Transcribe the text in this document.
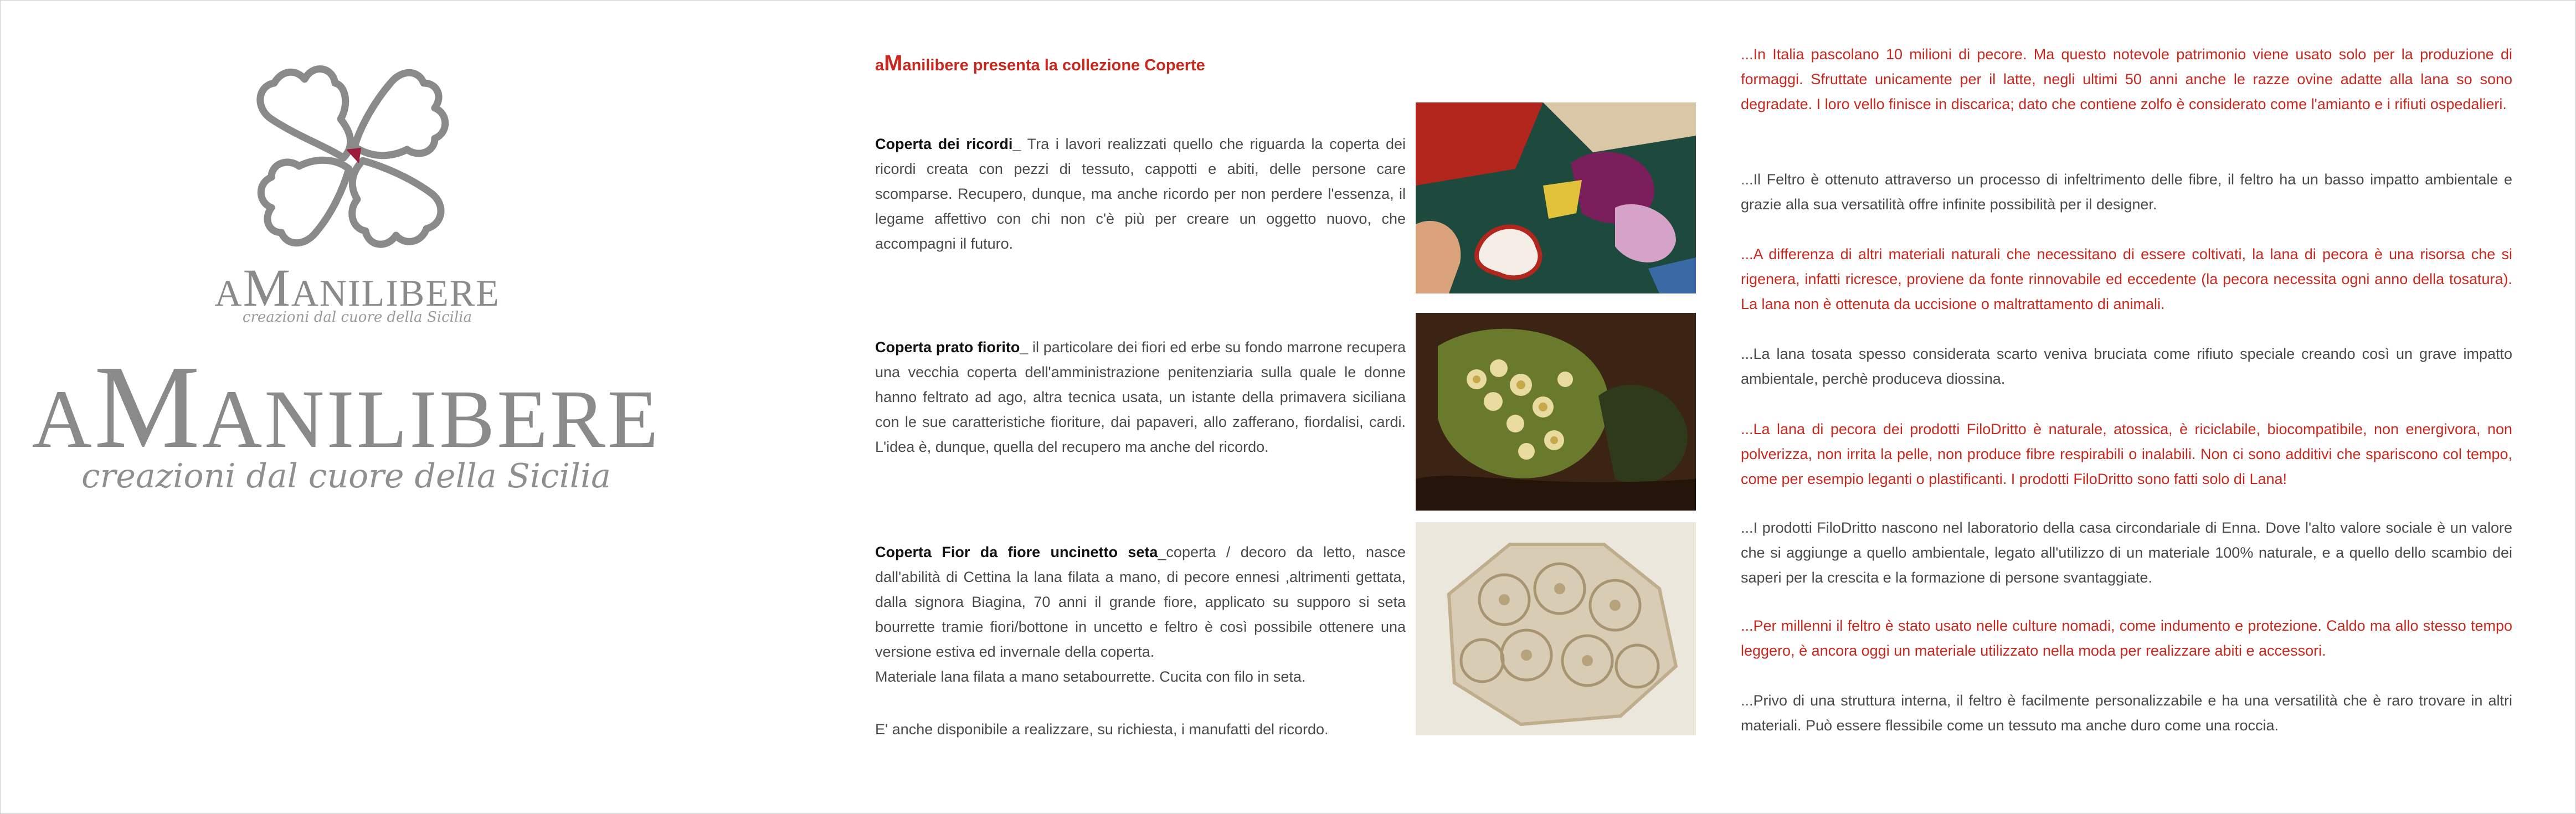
AMANILIBERE
creazioni dal cuore della Sicilia
AMANILIBERE
creazioni dal cuore della Sicilia
aManilibere presenta la collezione Coperte
Coperta dei ricordi_ Tra i lavori realizzati quello che riguarda la coperta dei ricordi creata con pezzi di tessuto, cappotti e abiti, delle persone care scomparse. Recupero, dunque, ma anche ricordo per non perdere l'essenza, il legame affettivo con chi non c'è più per creare un oggetto nuovo, che accompagni il futuro.
Coperta prato fiorito_ il particolare dei fiori ed erbe su fondo marrone recupera una vecchia coperta dell'amministrazione penitenziaria sulla quale le donne hanno feltrato ad ago, altra tecnica usata, un istante della primavera siciliana con le sue caratteristiche fioriture, dai papaveri, allo zafferano, fiordalisi, cardi. L'idea è, dunque, quella del recupero ma anche del ricordo.
Coperta Fior da fiore uncinetto seta_coperta / decoro da letto, nasce dall'abilità di Cettina la lana filata a mano, di pecore ennesi ,altrimenti gettata, dalla signora Biagina, 70 anni il grande fiore, applicato su supporo si seta bourrette tramie fiori/bottone in uncetto e feltro è così possibile ottenere una versione estiva ed invernale della coperta.
Materiale lana filata a mano setabourrette. Cucita con filo in seta.
E' anche disponibile a realizzare, su richiesta, i manufatti del ricordo.
...In Italia pascolano 10 milioni di pecore. Ma questo notevole patrimonio viene usato solo per la produzione di formaggi. Sfruttate unicamente per il latte, negli ultimi 50 anni anche le razze ovine adatte alla lana so sono degradate. I loro vello finisce in discarica; dato che contiene zolfo è considerato come l'amianto e i rifiuti ospedalieri.
...Il Feltro è ottenuto attraverso un processo di infeltrimento delle fibre, il feltro ha un basso impatto ambientale e grazie alla sua versatilità offre infinite possibilità per il designer.
...A differenza di altri materiali naturali che necessitano di essere coltivati, la lana di pecora è una risorsa che si rigenera, infatti ricresce, proviene da fonte rinnovabile ed eccedente (la pecora necessita ogni anno della tosatura). La lana non è ottenuta da uccisione o maltrattamento di animali.
...La lana tosata spesso considerata scarto veniva bruciata come rifiuto speciale creando così un grave impatto ambientale, perchè produceva diossina.
...La lana di pecora dei prodotti FiloDritto è naturale, atossica, è riciclabile, biocompatibile, non energivora, non polverizza, non irrita la pelle, non produce fibre respirabili o inalabili. Non ci sono additivi che spariscono col tempo, come per esempio leganti o plastificanti. I prodotti FiloDritto sono fatti solo di Lana!
...I prodotti FiloDritto nascono nel laboratorio della casa circondariale di Enna. Dove l'alto valore sociale è un valore che si aggiunge a quello ambientale, legato all'utilizzo di un materiale 100% naturale, e a quello dello scambio dei saperi per la crescita e la formazione di persone svantaggiate.
...Per millenni il feltro è stato usato nelle culture nomadi, come indumento e protezione. Caldo ma allo stesso tempo leggero, è ancora oggi un materiale utilizzato nella moda per realizzare abiti e accessori.
...Privo di una struttura interna, il feltro è facilmente personalizzabile e ha una versatilità che è raro trovare in altri materiali. Può essere flessibile come un tessuto ma anche duro come una roccia.
